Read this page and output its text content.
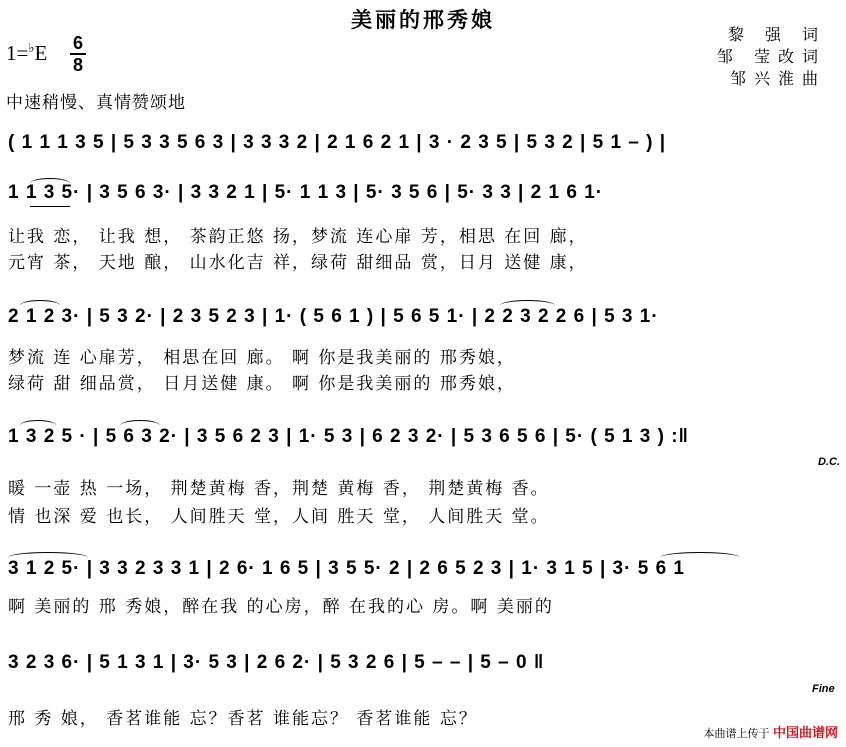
美丽的邢秀娘
1=♭E 6
8
中速稍慢、真情赞颂地
黎 强 词
邹 莹改词
邹兴淮曲
( 1 1 1 3 5 | 5 3 3 5 6 3 | 3 3 3 2 | 2 1 6 2 1 | 3 · 2 3 5 | 5 3 2 | 5 1 – ) |
1 1 3 5· | 3 5 6 3· | 3 3 2 1 | 5· 1 1 3 | 5· 3 5 6 | 5· 3 3 | 2 1 6 1·
让我 恋， 让我 想， 茶韵正悠 扬，梦流 连心扉 芳，相思 在回 廊，
元宵 茶， 天地 酿， 山水化吉 祥，绿荷 甜细品 赏，日月 送健 康，
2 1 2 3· | 5 3 2· | 2 3 5 2 3 | 1· ( 5 6 1 ) | 5 6 5 1· | 2 2 3 2 2 6 | 5 3 1·
梦流 连 心扉芳， 相思在回 廊。 啊 你是我美丽的 邢秀娘，
绿荷 甜 细品赏， 日月送健 康。 啊 你是我美丽的 邢秀娘，
1 3 2 5 · | 5 6 3 2· | 3 5 6 2 3 | 1· 5 3 | 6 2 3 2· | 5 3 6 5 6 | 5· ( 5 1 3 ) :‖
D.C.
暖 一壶 热 一场， 荆楚黄梅 香，荆楚 黄梅 香， 荆楚黄梅 香。
情 也深 爱 也长， 人间胜天 堂，人间 胜天 堂， 人间胜天 堂。
3 1 2 5· | 3 3 2 3 3 1 | 2 6· 1 6 5 | 3 5 5· 2 | 2 6 5 2 3 | 1· 3 1 5 | 3· 5 6 1
啊 美丽的 邢 秀娘，醉在我 的心房，醉 在我的心 房。啊 美丽的
3 2 3 6· | 5 1 3 1 | 3· 5 3 | 2 6 2· | 5 3 2 6 | 5 – – | 5 – 0 ‖
Fine
邢 秀 娘， 香茗谁能 忘？香茗 谁能忘？ 香茗谁能 忘？
本曲谱上传于 中国曲谱网
